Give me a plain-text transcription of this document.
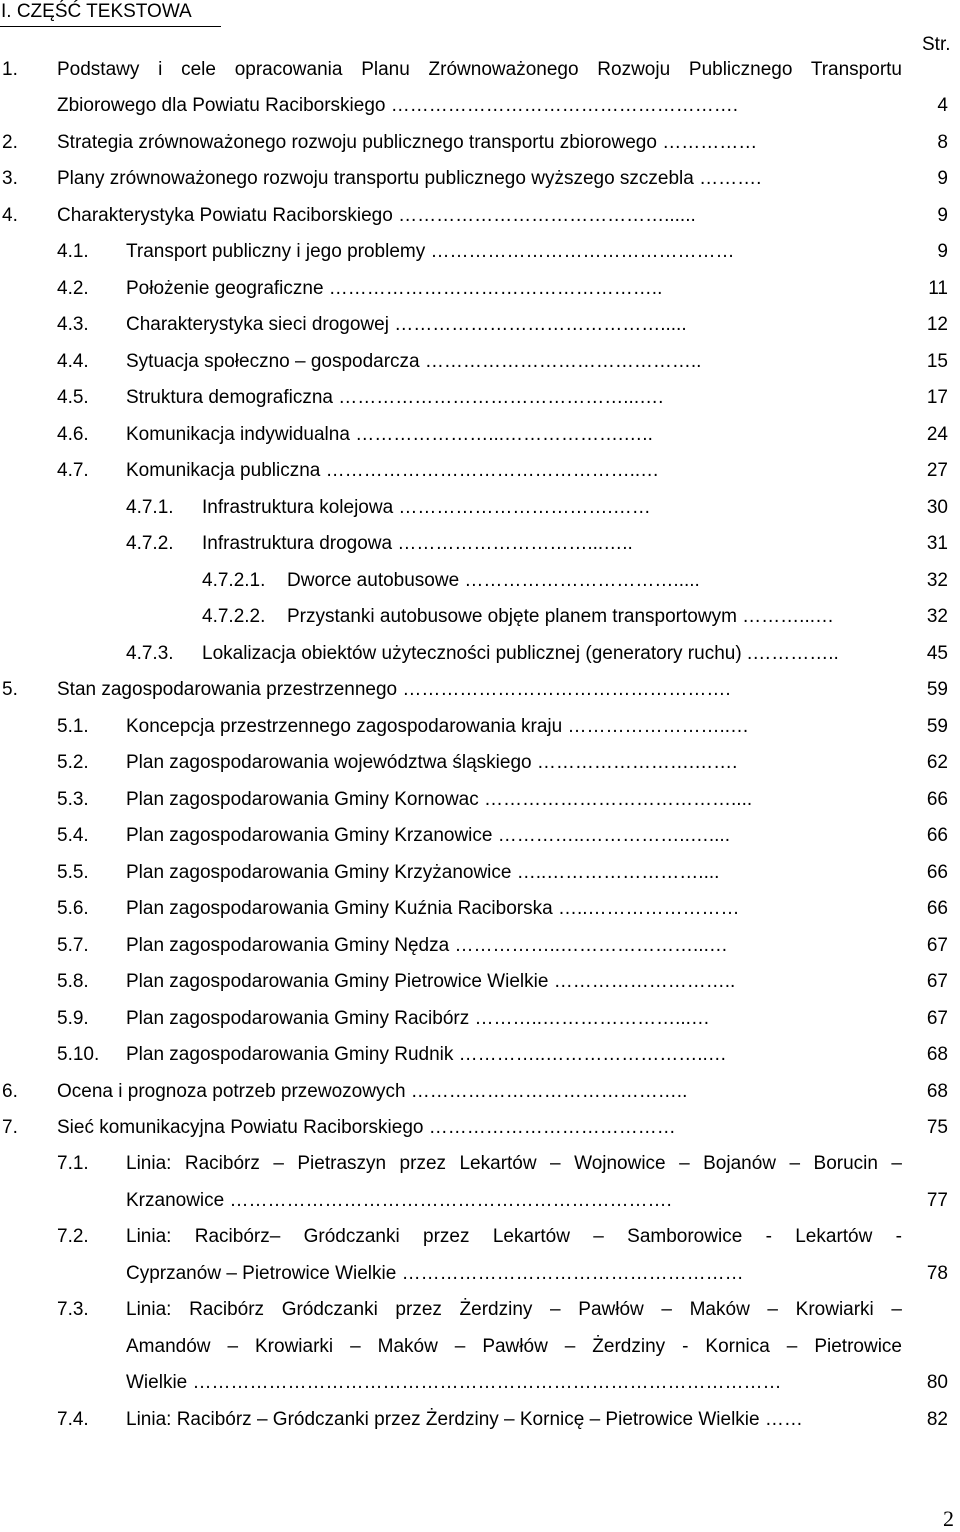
I. CZĘŚĆ TEKSTOWA
Str.
1. Podstawy i cele opracowania Planu Zrównoważonego Rozwoju Publicznego Transportu
Zbiorowego dla Powiatu Raciborskiego ……………………………………………….	4
2. Strategia zrównoważonego rozwoju publicznego transportu zbiorowego ……………	8
3. Plany zrównoważonego rozwoju transportu publicznego wyższego szczebla ……….	9
4. Charakterystyka Powiatu Raciborskiego ……………………………………......	9
4.1. Transport publiczny i jego problemy …………………………………………	9
4.2. Położenie geograficzne ……………………………………………..	11
4.3. Charakterystyka sieci drogowej …………………………………….....	12
4.4. Sytuacja społeczno – gospodarcza ……………………………………..	15
4.5. Struktura demograficzna ………………………………………...….	17
4.6. Komunikacja indywidualna …………………...……………….…..	24
4.7. Komunikacja publiczna …………………………………………..…	27
4.7.1. Infrastruktura kolejowa …………………………….……	30
4.7.2. Infrastruktura drogowa …………………………...…..	31
4.7.2.1. Dworce autobusowe …………………………….....	32
4.7.2.2. Przystanki autobusowe objęte planem transportowym ………...…	32
4.7.3. Lokalizacja obiektów użyteczności publicznej (generatory ruchu) .…………..	45
5. Stan zagospodarowania przestrzennego …………………………………………….	59
5.1. Koncepcja przestrzennego zagospodarowania kraju ……………………..…	59
5.2. Plan zagospodarowania województwa śląskiego …………………….…….	62
5.3. Plan zagospodarowania Gminy Kornowac …………………………………....	66
5.4. Plan zagospodarowania Gminy Krzanowice …………..……………..…....	66
5.5. Plan zagospodarowania Gminy Krzyżanowice …..……………………....	66
5.6. Plan zagospodarowania Gminy Kuźnia Raciborska …..……………………	66
5.7. Plan zagospodarowania Gminy Nędza ……………..…………………...…	67
5.8. Plan zagospodarowania Gminy Pietrowice Wielkie ………………………..	67
5.9. Plan zagospodarowania Gminy Racibórz ………..…………………...…	67
5.10. Plan zagospodarowania Gminy Rudnik …………..……………………..…	68
6. Ocena i prognoza potrzeb przewozowych ……………………………………..	68
7. Sieć komunikacyjna Powiatu Raciborskiego …………………………………	75
7.1. Linia: Racibórz – Pietraszyn przez Lekartów – Wojnowice – Bojanów – Borucin –
Krzanowice …………………………………………………………….	77
7.2. Linia: Racibórz– Gródczanki przez Lekartów – Samborowice - Lekartów -
Cyprzanów – Pietrowice Wielkie ………………………………………………	78
7.3. Linia: Racibórz Gródczanki przez Żerdziny – Pawłów – Maków – Krowiarki –
Amandów – Krowiarki – Maków – Pawłów – Żerdziny - Kornica – Pietrowice
Wielkie …………………………………………………………………………………	80
7.4. Linia: Racibórz – Gródczanki przez Żerdziny – Kornicę – Pietrowice Wielkie ……	82
2
